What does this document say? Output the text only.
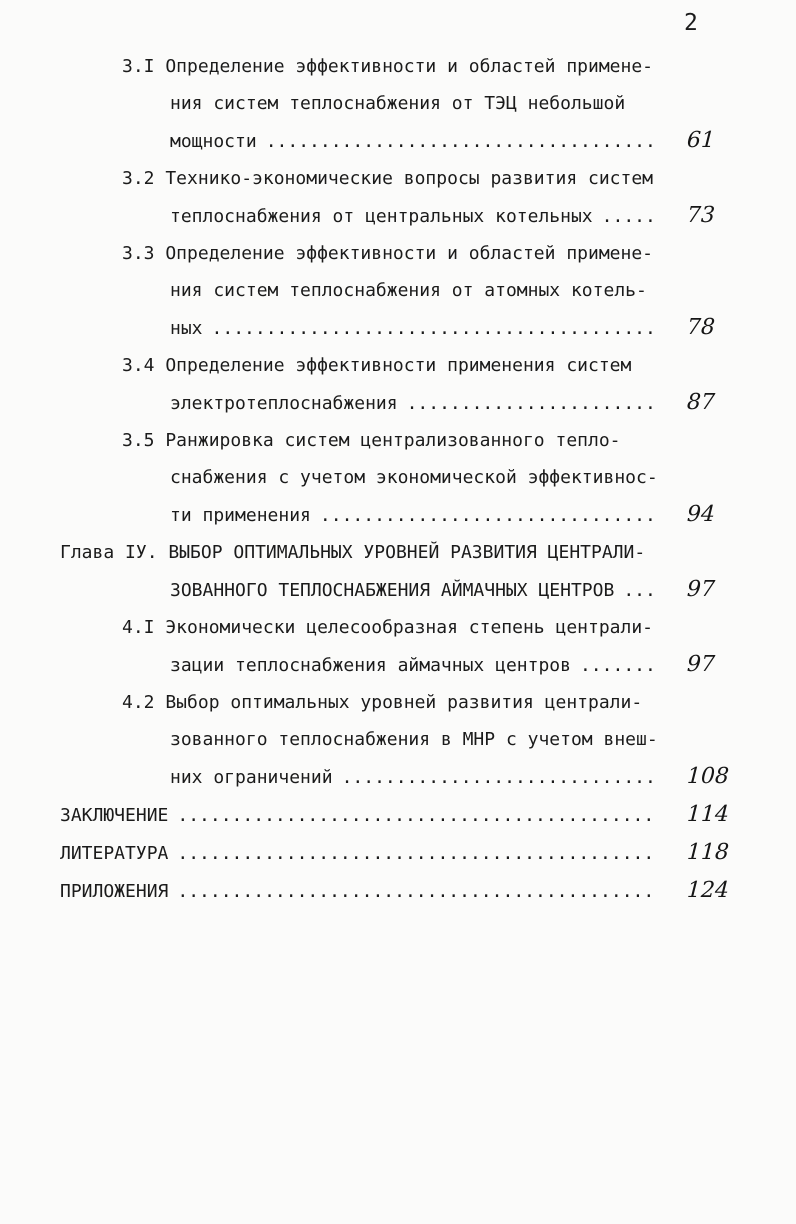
2
3.I Определение эффективности и областей примене-
ния систем теплоснабжения от ТЭЦ небольшой
мощности .....	61
3.2 Технико-экономические вопросы развития систем
теплоснабжения от центральных котельных .....	73
3.3 Определение эффективности и областей примене-
ния систем теплоснабжения от атомных котель-
ных .....	78
3.4 Определение эффективности применения систем
электротеплоснабжения .....	87
3.5 Ранжировка систем централизованного тепло-
снабжения с учетом экономической эффективнос-
ти применения .....	94
Глава IУ. ВЫБОР ОПТИМАЛЬНЫХ УРОВНЕЙ РАЗВИТИЯ ЦЕНТРАЛИ-
ЗОВАННОГО ТЕПЛОСНАБЖЕНИЯ АЙМАЧНЫХ ЦЕНТРОВ .....	97
4.I Экономически целесообразная степень централи-
зации теплоснабжения аймачных центров .....	97
4.2 Выбор оптимальных уровней развития централи-
зованного теплоснабжения в МНР с учетом внеш-
них ограничений .....	108
ЗАКЛЮЧЕНИЕ .....	114
ЛИТЕРАТУРА .....	118
ПРИЛОЖЕНИЯ .....	124
